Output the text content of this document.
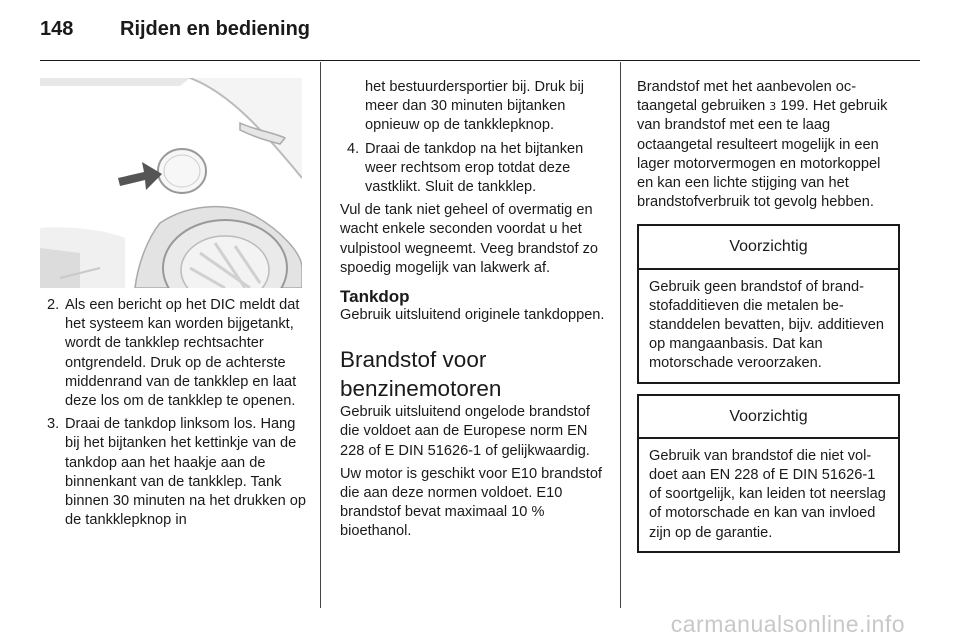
148 Rijden en bediening

2. Als een bericht op het DIC meldt dat het systeem kan worden bijgetankt, wordt de tankklep rechtsachter ontgrendeld. Druk op de achterste middenrand van de tankklep en laat deze los om de tankklep te openen.

3. Draai de tankdop linksom los. Hang bij het bijtanken het kettinkje van de tankdop aan het haakje aan de binnenkant van de tankklep. Tank binnen 30 minuten na het drukken op de tankklepknop in

het bestuurdersportier bij. Druk bij meer dan 30 minuten bijtanken opnieuw op de tankklepknop.

4. Draai de tankdop na het bijtanken weer rechtsom erop totdat deze vastklikt. Sluit de tankklep.

Vul de tank niet geheel of overmatig en wacht enkele seconden voordat u het vulpistool wegneemt. Veeg brandstof zo spoedig mogelijk van lakwerk af.

Tankdop

Gebruik uitsluitend originele tankdoppen.

Brandstof voor
benzinemotoren

Gebruik uitsluitend ongelode brandstof die voldoet aan de Europese norm EN 228 of E DIN 51626-1 of gelijkwaardig.

Uw motor is geschikt voor E10 brandstof die aan deze normen voldoet. E10 brandstof bevat maximaal 10 % bioethanol.

Brandstof met het aanbevolen octaangetal gebruiken 3 199. Het gebruik van brandstof met een te laag octaangetal resulteert mogelijk in een lager motorvermogen en motorkoppel en kan een lichte stijging van het brandstofverbruik tot gevolg hebben.

Voorzichtig
Gebruik geen brandstof of brandstofadditieven die metalen bestanddelen bevatten, bijv. additieven op mangaanbasis. Dat kan motorschade veroorzaken.
Voorzichtig
Gebruik van brandstof die niet voldoet aan EN 228 of E DIN 51626-1 of soortgelijk, kan leiden tot neerslag of motorschade en kan van invloed zijn op de garantie.
carmanualsonline.info
